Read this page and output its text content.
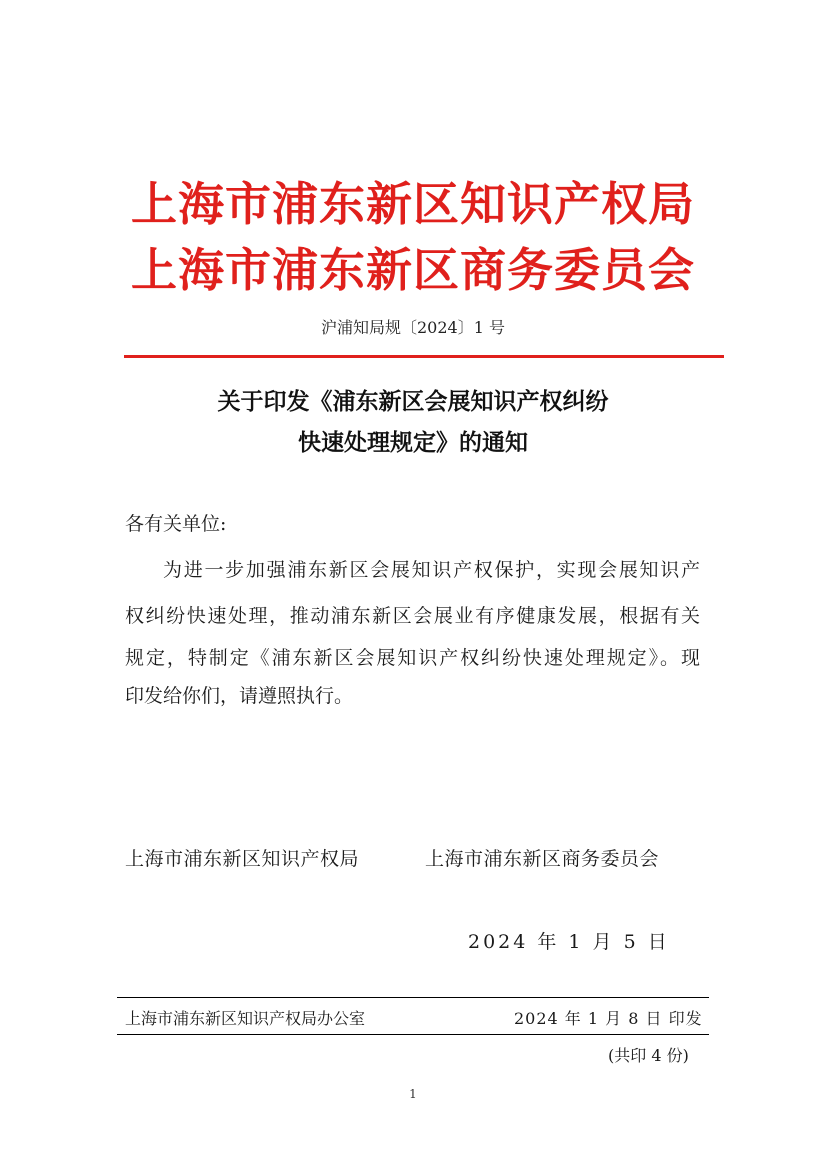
上海市浦东新区知识产权局
上海市浦东新区商务委员会
沪浦知局规〔2024〕1 号
关于印发《浦东新区会展知识产权纠纷
快速处理规定》的通知
各有关单位:
为进一步加强浦东新区会展知识产权保护，实现会展知识产
权纠纷快速处理，推动浦东新区会展业有序健康发展，根据有关
规定，特制定《浦东新区会展知识产权纠纷快速处理规定》。现
印发给你们，请遵照执行。
上海市浦东新区知识产权局	上海市浦东新区商务委员会
2024 年 1 月 5 日
上海市浦东新区知识产权局办公室	2024 年 1 月 8 日 印发
(共印 4 份)
1
